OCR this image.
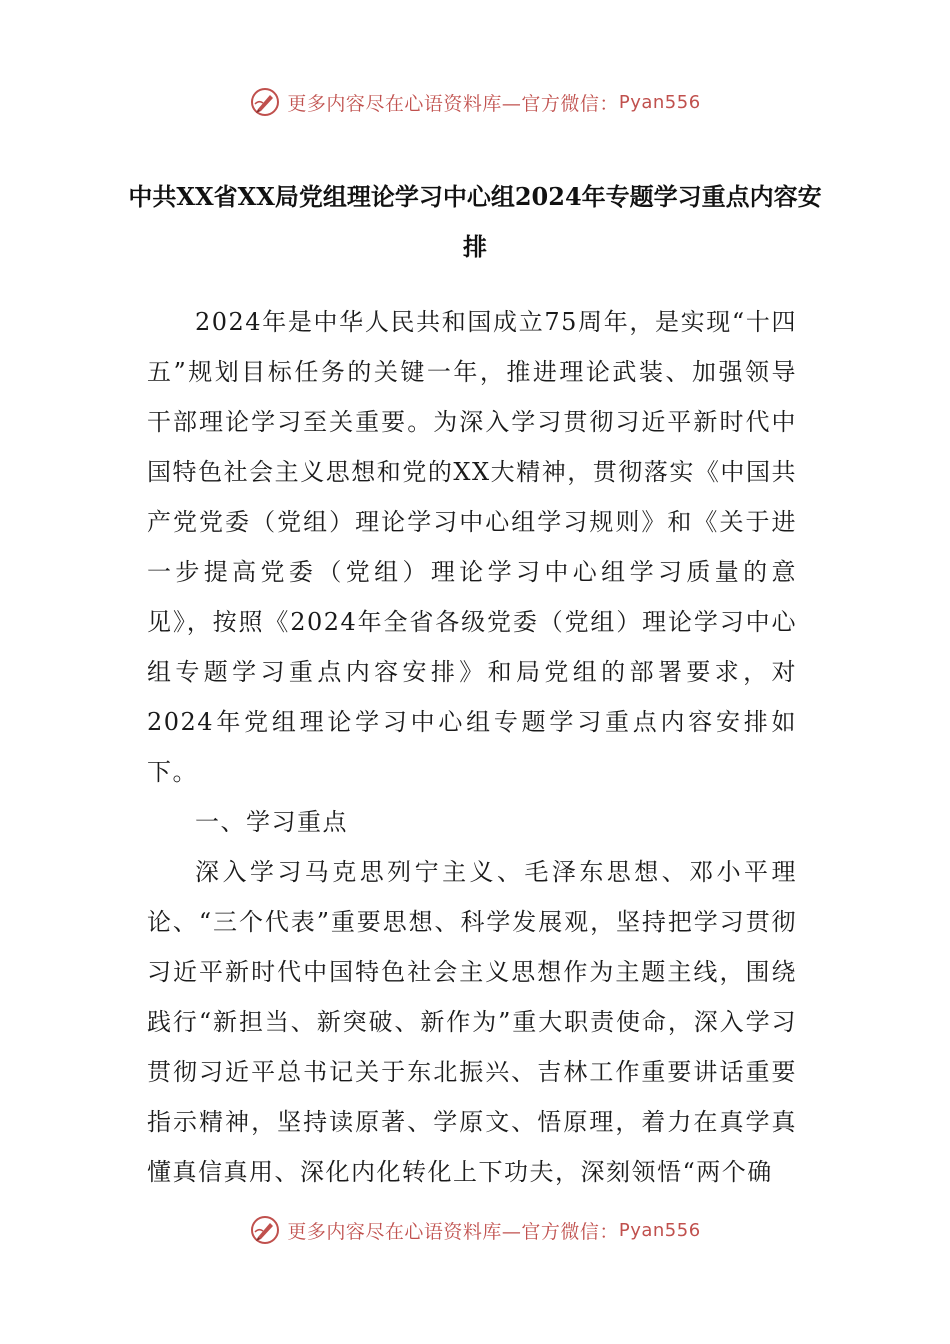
更多内容尽在心语资料库—官方微信： Pyan556
中共XX省XX局党组理论学习中心组2024年专题学习重点内容安排

2024年是中华人民共和国成立75周年，是实现“十四五”规划目标任务的关键一年，推进理论武装、加强领导干部理论学习至关重要。为深入学习贯彻习近平新时代中国特色社会主义思想和党的XX大精神，贯彻落实《中国共产党党委（党组）理论学习中心组学习规则》和《关于进一步提高党委（党组）理论学习中心组学习质量的意见》，按照《2024年全省各级党委（党组）理论学习中心组专题学习重点内容安排》和局党组的部署要求，对2024年党组理论学习中心组专题学习重点内容安排如下。

一、学习重点

深入学习马克思列宁主义、毛泽东思想、邓小平理论、“三个代表”重要思想、科学发展观，坚持把学习贯彻习近平新时代中国特色社会主义思想作为主题主线，围绕践行“新担当、新突破、新作为”重大职责使命，深入学习贯彻习近平总书记关于东北振兴、吉林工作重要讲话重要指示精神，坚持读原著、学原文、悟原理，着力在真学真懂真信真用、深化内化转化上下功夫，深刻领悟“两个确

更多内容尽在心语资料库—官方微信： Pyan556
